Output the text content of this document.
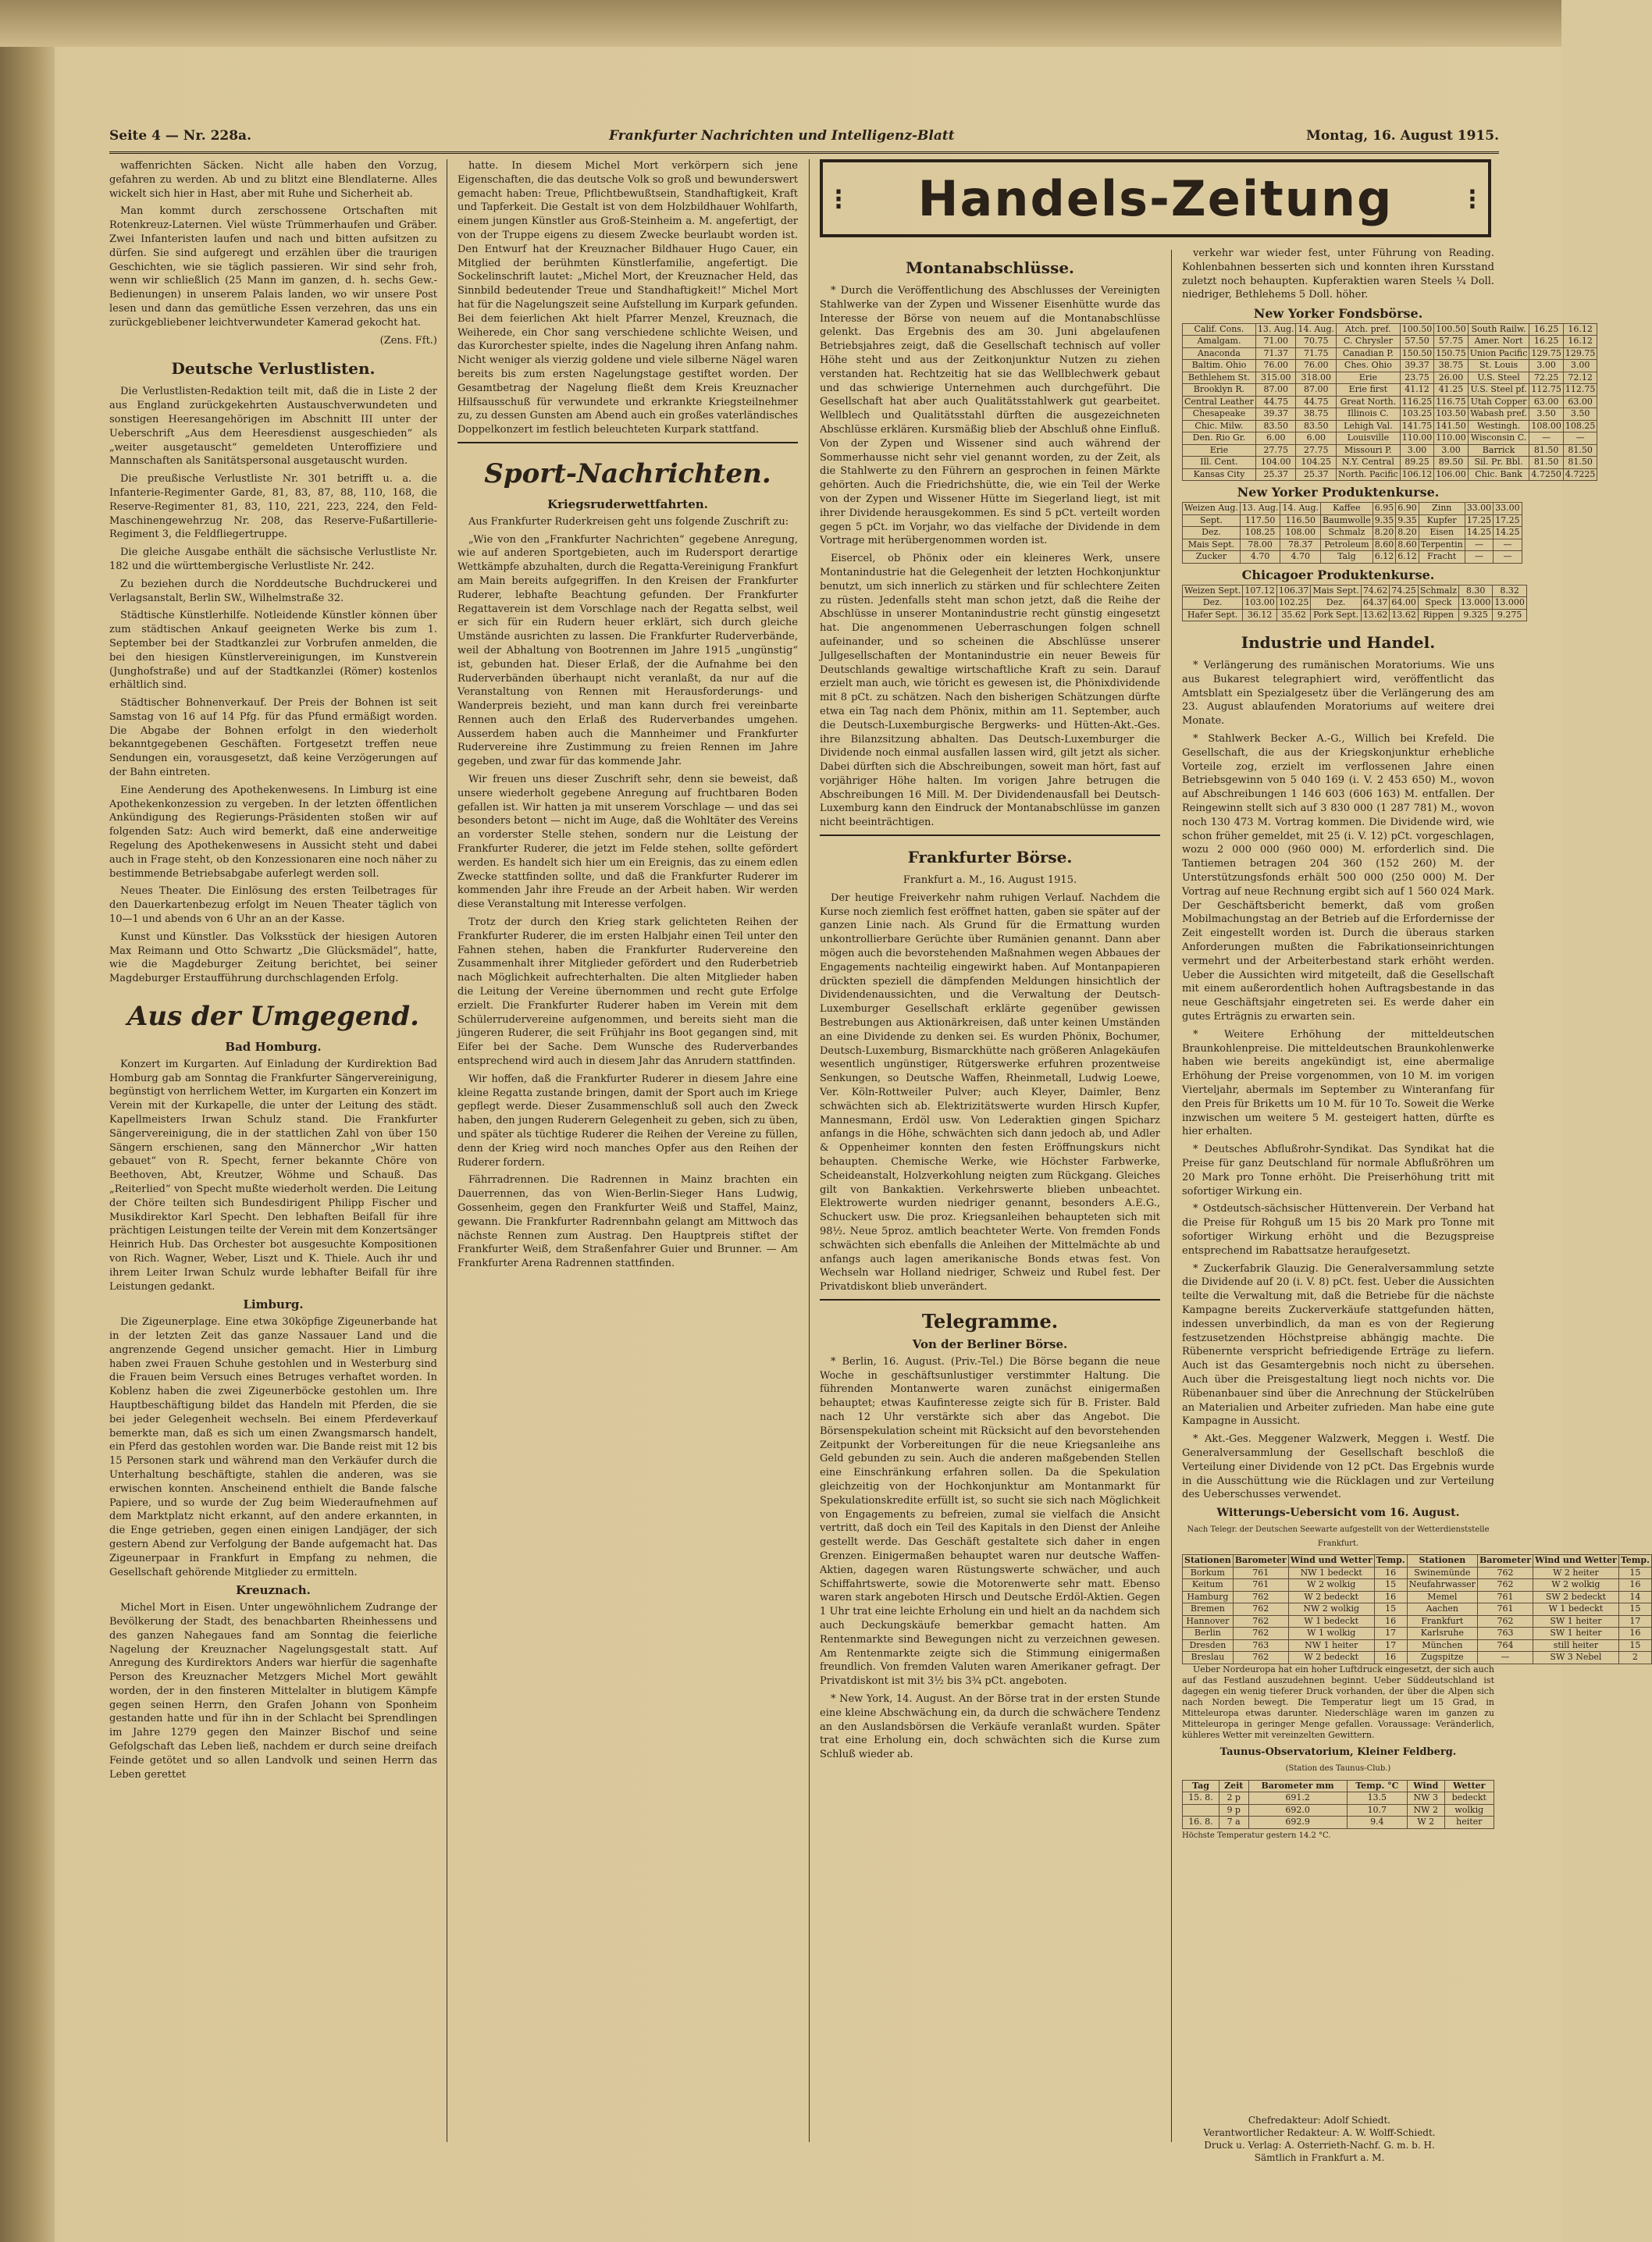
Seite 4 — Nr. 228a.	Frankfurter Nachrichten und Intelligenz-Blatt	Montag, 16. August 1915.

waffenrichten Säcken. Nicht alle haben den Vorzug, gefahren zu werden. Ab und zu blitzt eine Blendlaterne. Alles wickelt sich hier in Hast, aber mit Ruhe und Sicherheit ab.

Man kommt durch zerschossene Ortschaften mit Rotenkreuz-Laternen. Viel wüste Trümmerhaufen und Gräber. Zwei Infanteristen laufen und nach und bitten aufsitzen zu dürfen. Sie sind aufgeregt und erzählen über die traurigen Geschichten, wie sie täglich passieren. Wir sind sehr froh, wenn wir schließlich (25 Mann im ganzen, d. h. sechs Gew.-Bedienungen) in unserem Palais landen, wo wir unsere Post lesen und dann das gemütliche Essen verzehren, das uns ein zurückgebliebener leichtverwundeter Kamerad gekocht hat.

(Zens. Fft.)

Deutsche Verlustlisten.

Die Verlustlisten-Redaktion teilt mit, daß die in Liste 2 der aus England zurückgekehrten Austauschverwundeten und sonstigen Heeresangehörigen im Abschnitt III unter der Ueberschrift „Aus dem Heeresdienst ausgeschieden“ als „weiter ausgetauscht“ gemeldeten Unteroffiziere und Mannschaften als Sanitätspersonal ausgetauscht wurden.

Die preußische Verlustliste Nr. 301 betrifft u. a. die Infanterie-Regimenter Garde, 81, 83, 87, 88, 110, 168, die Reserve-Regimenter 81, 83, 110, 221, 223, 224, den Feld-Maschinengewehrzug Nr. 208, das Reserve-Fußartillerie-Regiment 3, die Feldfliegertruppe.

Die gleiche Ausgabe enthält die sächsische Verlustliste Nr. 182 und die württembergische Verlustliste Nr. 242.

Zu beziehen durch die Norddeutsche Buchdruckerei und Verlagsanstalt, Berlin SW., Wilhelmstraße 32.

Städtische Künstlerhilfe. Notleidende Künstler können über zum städtischen Ankauf geeigneten Werke bis zum 1. September bei der Stadtkanzlei zur Vorbrufen anmelden, die bei den hiesigen Künstlervereinigungen, im Kunstverein (Junghofstraße) und auf der Stadtkanzlei (Römer) kostenlos erhältlich sind.

Städtischer Bohnenverkauf. Der Preis der Bohnen ist seit Samstag von 16 auf 14 Pfg. für das Pfund ermäßigt worden. Die Abgabe der Bohnen erfolgt in den wiederholt bekanntgegebenen Geschäften. Fortgesetzt treffen neue Sendungen ein, vorausgesetzt, daß keine Verzögerungen auf der Bahn eintreten.

Eine Aenderung des Apothekenwesens. In Limburg ist eine Apothekenkonzession zu vergeben. In der letzten öffentlichen Ankündigung des Regierungs-Präsidenten stoßen wir auf folgenden Satz: Auch wird bemerkt, daß eine anderweitige Regelung des Apothekenwesens in Aussicht steht und dabei auch in Frage steht, ob den Konzessionaren eine noch näher zu bestimmende Betriebsabgabe auferlegt werden soll.

Neues Theater. Die Einlösung des ersten Teilbetrages für den Dauerkartenbezug erfolgt im Neuen Theater täglich von 10—1 und abends von 6 Uhr an an der Kasse.

Kunst und Künstler. Das Volksstück der hiesigen Autoren Max Reimann und Otto Schwartz „Die Glücksmädel“, hatte, wie die Magdeburger Zeitung berichtet, bei seiner Magdeburger Erstaufführung durchschlagenden Erfolg.

Aus der Umgegend.
Bad Homburg.

Konzert im Kurgarten. Auf Einladung der Kurdirektion Bad Homburg gab am Sonntag die Frankfurter Sängervereinigung, begünstigt von herrlichem Wetter, im Kurgarten ein Konzert im Verein mit der Kurkapelle, die unter der Leitung des städt. Kapellmeisters Irwan Schulz stand. Die Frankfurter Sängervereinigung, die in der stattlichen Zahl von über 150 Sängern erschienen, sang den Männerchor „Wir hatten gebauet“ von R. Specht, ferner bekannte Chöre von Beethoven, Abt, Kreutzer, Wöhme und Schauß. Das „Reiterlied“ von Specht mußte wiederholt werden. Die Leitung der Chöre teilten sich Bundesdirigent Philipp Fischer und Musikdirektor Karl Specht. Den lebhaften Beifall für ihre prächtigen Leistungen teilte der Verein mit dem Konzertsänger Heinrich Hub. Das Orchester bot ausgesuchte Kompositionen von Rich. Wagner, Weber, Liszt und K. Thiele. Auch ihr und ihrem Leiter Irwan Schulz wurde lebhafter Beifall für ihre Leistungen gedankt.

Limburg.

Die Zigeunerplage. Eine etwa 30köpfige Zigeunerbande hat in der letzten Zeit das ganze Nassauer Land und die angrenzende Gegend unsicher gemacht. Hier in Limburg haben zwei Frauen Schuhe gestohlen und in Westerburg sind die Frauen beim Versuch eines Betruges verhaftet worden. In Koblenz haben die zwei Zigeunerböcke gestohlen um. Ihre Hauptbeschäftigung bildet das Handeln mit Pferden, die sie bei jeder Gelegenheit wechseln. Bei einem Pferdeverkauf bemerkte man, daß es sich um einen Zwangsmarsch handelt, ein Pferd das gestohlen worden war. Die Bande reist mit 12 bis 15 Personen stark und während man den Verkäufer durch die Unterhaltung beschäftigte, stahlen die anderen, was sie erwischen konnten. Anscheinend enthielt die Bande falsche Papiere, und so wurde der Zug beim Wiederaufnehmen auf dem Marktplatz nicht erkannt, auf den andere erkannten, in die Enge getrieben, gegen einen einigen Landjäger, der sich gestern Abend zur Verfolgung der Bande aufgemacht hat. Das Zigeunerpaar in Frankfurt in Empfang zu nehmen, die Gesellschaft gehörende Mitglieder zu ermitteln.

Kreuznach.

Michel Mort in Eisen. Unter ungewöhnlichem Zudrange der Bevölkerung der Stadt, des benachbarten Rheinhessens und des ganzen Nahegaues fand am Sonntag die feierliche Nagelung der Kreuznacher Nagelungsgestalt statt. Auf Anregung des Kurdirektors Anders war hierfür die sagenhafte Person des Kreuznacher Metzgers Michel Mort gewählt worden, der in den finsteren Mittelalter in blutigem Kämpfe gegen seinen Herrn, den Grafen Johann von Sponheim gestanden hatte und für ihn in der Schlacht bei Sprendlingen im Jahre 1279 gegen den Mainzer Bischof und seine Gefolgschaft das Leben ließ, nachdem er durch seine dreifach Feinde getötet und so allen Landvolk und seinen Herrn das Leben gerettet

hatte. In diesem Michel Mort verkörpern sich jene Eigenschaften, die das deutsche Volk so groß und bewunderswert gemacht haben: Treue, Pflichtbewußtsein, Standhaftigkeit, Kraft und Tapferkeit. Die Gestalt ist von dem Holzbildhauer Wohlfarth, einem jungen Künstler aus Groß-Steinheim a. M. angefertigt, der von der Truppe eigens zu diesem Zwecke beurlaubt worden ist. Den Entwurf hat der Kreuznacher Bildhauer Hugo Cauer, ein Mitglied der berühmten Künstlerfamilie, angefertigt. Die Sockelinschrift lautet: „Michel Mort, der Kreuznacher Held, das Sinnbild bedeutender Treue und Standhaftigkeit!“ Michel Mort hat für die Nagelungszeit seine Aufstellung im Kurpark gefunden. Bei dem feierlichen Akt hielt Pfarrer Menzel, Kreuznach, die Weiherede, ein Chor sang verschiedene schlichte Weisen, und das Kurorchester spielte, indes die Nagelung ihren Anfang nahm. Nicht weniger als vierzig goldene und viele silberne Nägel waren bereits bis zum ersten Nagelungstage gestiftet worden. Der Gesamtbetrag der Nagelung fließt dem Kreis Kreuznacher Hilfsausschuß für verwundete und erkrankte Kriegsteilnehmer zu, zu dessen Gunsten am Abend auch ein großes vaterländisches Doppelkonzert im festlich beleuchteten Kurpark stattfand.

Sport-Nachrichten.
Kriegsruderwettfahrten.

Aus Frankfurter Ruderkreisen geht uns folgende Zuschrift zu:

„Wie von den „Frankfurter Nachrichten“ gegebene Anregung, wie auf anderen Sportgebieten, auch im Rudersport derartige Wettkämpfe abzuhalten, durch die Regatta-Vereinigung Frankfurt am Main bereits aufgegriffen. In den Kreisen der Frankfurter Ruderer, lebhafte Beachtung gefunden. Der Frankfurter Regattaverein ist dem Vorschlage nach der Regatta selbst, weil er sich für ein Rudern heuer erklärt, sich durch gleiche Umstände ausrichten zu lassen. Die Frankfurter Ruderverbände, weil der Abhaltung von Bootrennen im Jahre 1915 „ungünstig“ ist, gebunden hat. Dieser Erlaß, der die Aufnahme bei den Ruderverbänden überhaupt nicht veranlaßt, da nur auf die Veranstaltung von Rennen mit Herausforderungs- und Wanderpreis bezieht, und man kann durch frei vereinbarte Rennen auch den Erlaß des Ruderverbandes umgehen. Ausserdem haben auch die Mannheimer und Frankfurter Rudervereine ihre Zustimmung zu freien Rennen im Jahre gegeben, und zwar für das kommende Jahr.

Wir freuen uns dieser Zuschrift sehr, denn sie beweist, daß unsere wiederholt gegebene Anregung auf fruchtbaren Boden gefallen ist. Wir hatten ja mit unserem Vorschlage — und das sei besonders betont — nicht im Auge, daß die Wohltäter des Vereins an vorderster Stelle stehen, sondern nur die Leistung der Frankfurter Ruderer, die jetzt im Felde stehen, sollte gefördert werden. Es handelt sich hier um ein Ereignis, das zu einem edlen Zwecke stattfinden sollte, und daß die Frankfurter Ruderer im kommenden Jahr ihre Freude an der Arbeit haben. Wir werden diese Veranstaltung mit Interesse verfolgen.

Trotz der durch den Krieg stark gelichteten Reihen der Frankfurter Ruderer, die im ersten Halbjahr einen Teil unter den Fahnen stehen, haben die Frankfurter Rudervereine den Zusammenhalt ihrer Mitglieder gefördert und den Ruderbetrieb nach Möglichkeit aufrechterhalten. Die alten Mitglieder haben die Leitung der Vereine übernommen und recht gute Erfolge erzielt. Die Frankfurter Ruderer haben im Verein mit dem Schülerrudervereine aufgenommen, und bereits sieht man die jüngeren Ruderer, die seit Frühjahr ins Boot gegangen sind, mit Eifer bei der Sache. Dem Wunsche des Ruderverbandes entsprechend wird auch in diesem Jahr das Anrudern stattfinden.

Wir hoffen, daß die Frankfurter Ruderer in diesem Jahre eine kleine Regatta zustande bringen, damit der Sport auch im Kriege gepflegt werde. Dieser Zusammenschluß soll auch den Zweck haben, den jungen Ruderern Gelegenheit zu geben, sich zu üben, und später als tüchtige Ruderer die Reihen der Vereine zu füllen, denn der Krieg wird noch manches Opfer aus den Reihen der Ruderer fordern.

Fährradrennen. Die Radrennen in Mainz brachten ein Dauerrennen, das von Wien-Berlin-Sieger Hans Ludwig, Gossenheim, gegen den Frankfurter Weiß und Staffel, Mainz, gewann. Die Frankfurter Radrennbahn gelangt am Mittwoch das nächste Rennen zum Austrag. Den Hauptpreis stiftet der Frankfurter Weiß, dem Straßenfahrer Guier und Brunner. — Am Frankfurter Arena Radrennen stattfinden.

⁝ Handels-Zeitung	⁝
Montanabschlüsse.

* Durch die Veröffentlichung des Abschlusses der Vereinigten Stahlwerke van der Zypen und Wissener Eisenhütte wurde das Interesse der Börse von neuem auf die Montanabschlüsse gelenkt. Das Ergebnis des am 30. Juni abgelaufenen Betriebsjahres zeigt, daß die Gesellschaft technisch auf voller Höhe steht und aus der Zeitkonjunktur Nutzen zu ziehen verstanden hat. Rechtzeitig hat sie das Wellblechwerk gebaut und das schwierige Unternehmen auch durchgeführt. Die Gesellschaft hat aber auch Qualitätsstahlwerk gut gearbeitet. Wellblech und Qualitätsstahl dürften die ausgezeichneten Abschlüsse erklären. Kursmäßig blieb der Abschluß ohne Einfluß. Von der Zypen und Wissener sind auch während der Sommerhausse nicht sehr viel genannt worden, zu der Zeit, als die Stahlwerte zu den Führern an gesprochen in feinen Märkte gehörten. Auch die Friedrichshütte, die, wie ein Teil der Werke von der Zypen und Wissener Hütte im Siegerland liegt, ist mit ihrer Dividende herausgekommen. Es sind 5 pCt. verteilt worden gegen 5 pCt. im Vorjahr, wo das vielfache der Dividende in dem Vortrage mit herübergenommen worden ist.

Eisercel, ob Phönix oder ein kleineres Werk, unsere Montanindustrie hat die Gelegenheit der letzten Hochkonjunktur benutzt, um sich innerlich zu stärken und für schlechtere Zeiten zu rüsten. Jedenfalls steht man schon jetzt, daß die Reihe der Abschlüsse in unserer Montanindustrie recht günstig eingesetzt hat. Die angenommenen Ueberraschungen folgen schnell aufeinander, und so scheinen die Abschlüsse unserer Jullgesellschaften der Montanindustrie ein neuer Beweis für Deutschlands gewaltige wirtschaftliche Kraft zu sein. Darauf erzielt man auch, wie töricht es gewesen ist, die Phönixdividende mit 8 pCt. zu schätzen. Nach den bisherigen Schätzungen dürfte etwa ein Tag nach dem Phönix, mithin am 11. September, auch die Deutsch-Luxemburgische Bergwerks- und Hütten-Akt.-Ges. ihre Bilanzsitzung abhalten. Das Deutsch-Luxemburger die Dividende noch einmal ausfallen lassen wird, gilt jetzt als sicher. Dabei dürften sich die Abschreibungen, soweit man hört, fast auf vorjähriger Höhe halten. Im vorigen Jahre betrugen die Abschreibungen 16 Mill. M. Der Dividendenausfall bei Deutsch-Luxemburg kann den Eindruck der Montanabschlüsse im ganzen nicht beeinträchtigen.

Frankfurter Börse.

Frankfurt a. M., 16. August 1915.

Der heutige Freiverkehr nahm ruhigen Verlauf. Nachdem die Kurse noch ziemlich fest eröffnet hatten, gaben sie später auf der ganzen Linie nach. Als Grund für die Ermattung wurden unkontrollierbare Gerüchte über Rumänien genannt. Dann aber mögen auch die bevorstehenden Maßnahmen wegen Abbaues der Engagements nachteilig eingewirkt haben. Auf Montanpapieren drückten speziell die dämpfenden Meldungen hinsichtlich der Dividendenaussichten, und die Verwaltung der Deutsch-Luxemburger Gesellschaft erklärte gegenüber gewissen Bestrebungen aus Aktionärkreisen, daß unter keinen Umständen an eine Dividende zu denken sei. Es wurden Phönix, Bochumer, Deutsch-Luxemburg, Bismarckhütte nach größeren Anlagekäufen wesentlich ungünstiger, Rütgerswerke erfuhren prozentweise Senkungen, so Deutsche Waffen, Rheinmetall, Ludwig Loewe, Ver. Köln-Rottweiler Pulver; auch Kleyer, Daimler, Benz schwächten sich ab. Elektrizitätswerte wurden Hirsch Kupfer, Mannesmann, Erdöl usw. Von Lederaktien gingen Spicharz anfangs in die Höhe, schwächten sich dann jedoch ab, und Adler & Oppenheimer konnten den festen Eröffnungskurs nicht behaupten. Chemische Werke, wie Höchster Farbwerke, Scheideanstalt, Holzverkohlung neigten zum Rückgang. Gleiches gilt von Bankaktien. Verkehrswerte blieben unbeachtet. Elektrowerte wurden niedriger genannt, besonders A.E.G., Schuckert usw. Die proz. Kriegsanleihen behaupteten sich mit 98½. Neue 5proz. amtlich beachteter Werte. Von fremden Fonds schwächten sich ebenfalls die Anleihen der Mittelmächte ab und anfangs auch lagen amerikanische Bonds etwas fest. Von Wechseln war Holland niedriger, Schweiz und Rubel fest. Der Privatdiskont blieb unverändert.

Telegramme.
Von der Berliner Börse.

* Berlin, 16. August. (Priv.-Tel.) Die Börse begann die neue Woche in geschäftsunlustiger verstimmter Haltung. Die führenden Montanwerte waren zunächst einigermaßen behauptet; etwas Kaufinteresse zeigte sich für B. Frister. Bald nach 12 Uhr verstärkte sich aber das Angebot. Die Börsenspekulation scheint mit Rücksicht auf den bevorstehenden Zeitpunkt der Vorbereitungen für die neue Kriegsanleihe ans Geld gebunden zu sein. Auch die anderen maßgebenden Stellen eine Einschränkung erfahren sollen. Da die Spekulation gleichzeitig von der Hochkonjunktur am Montanmarkt für Spekulationskredite erfüllt ist, so sucht sie sich nach Möglichkeit von Engagements zu befreien, zumal sie vielfach die Ansicht vertritt, daß doch ein Teil des Kapitals in den Dienst der Anleihe gestellt werde. Das Geschäft gestaltete sich daher in engen Grenzen. Einigermaßen behauptet waren nur deutsche Waffen-Aktien, dagegen waren Rüstungswerte schwächer, und auch Schiffahrtswerte, sowie die Motorenwerte sehr matt. Ebenso waren stark angeboten Hirsch und Deutsche Erdöl-Aktien. Gegen 1 Uhr trat eine leichte Erholung ein und hielt an da nachdem sich auch Deckungskäufe bemerkbar gemacht hatten. Am Rentenmarkte sind Bewegungen nicht zu verzeichnen gewesen. Am Rentenmarkte zeigte sich die Stimmung einigermaßen freundlich. Von fremden Valuten waren Amerikaner gefragt. Der Privatdiskont ist mit 3½ bis 3¾ pCt. angeboten.

* New York, 14. August. An der Börse trat in der ersten Stunde eine kleine Abschwächung ein, da durch die schwächere Tendenz an den Auslandsbörsen die Verkäufe veranlaßt wurden. Später trat eine Erholung ein, doch schwächten sich die Kurse zum Schluß wieder ab.

verkehr war wieder fest, unter Führung von Reading. Kohlenbahnen besserten sich und konnten ihren Kursstand zuletzt noch behaupten. Kupferaktien waren Steels ¼ Doll. niedriger, Bethlehems 5 Doll. höher.

New Yorker Fondsbörse.
Calif. Cons.	13. Aug.	14. Aug.	Atch. pref.	100.50	100.50	South Railw.	16.25	16.12
Amalgam.	71.00	70.75	C. Chrysler	57.50	57.75	Amer. Nort	16.25	16.12
Anaconda	71.37	71.75	Canadian P.	150.50	150.75	Union Pacific	129.75	129.75
Baltim. Ohio	76.00	76.00	Ches. Ohio	39.37	38.75	St. Louis	3.00	3.00
Bethlehem St.	315.00	318.00	Erie	23.75	26.00	U.S. Steel	72.25	72.12
Brooklyn R.	87.00	87.00	Erie first	41.12	41.25	U.S. Steel pf.	112.75	112.75
Central Leather	44.75	44.75	Great North.	116.25	116.75	Utah Copper	63.00	63.00
Chesapeake	39.37	38.75	Illinois C.	103.25	103.50	Wabash pref.	3.50	3.50
Chic. Milw.	83.50	83.50	Lehigh Val.	141.75	141.50	Westingh.	108.00	108.25
Den. Rio Gr.	6.00	6.00	Louisville	110.00	110.00	Wisconsin C.	—	—
Erie	27.75	27.75	Missouri P.	3.00	3.00	Barrick	81.50	81.50
Ill. Cent.	104.00	104.25	N.Y. Central	89.25	89.50	Sil. Pr. Bbl.	81.50	81.50
Kansas City	25.37	25.37	North. Pacific	106.12	106.00	Chic. Bank	4.7250	4.7225
New Yorker Produktenkurse.
Weizen Aug.	13. Aug.	14. Aug.	Kaffee	6.95	6.90	Zinn	33.00	33.00
Sept.	117.50	116.50	Baumwolle	9.35	9.35	Kupfer	17.25	17.25
Dez.	108.25	108.00	Schmalz	8.20	8.20	Eisen	14.25	14.25
Mais Sept.	78.00	78.37	Petroleum	8.60	8.60	Terpentin	—	—
Zucker	4.70	4.70	Talg	6.12	6.12	Fracht	—	—
Chicagoer Produktenkurse.
Weizen Sept.	107.12	106.37	Mais Sept.	74.62	74.25	Schmalz	8.30	8.32
Dez.	103.00	102.25	Dez.	64.37	64.00	Speck	13.000	13.000
Hafer Sept.	36.12	35.62	Pork Sept.	13.62	13.62	Rippen	9.325	9.275
Industrie und Handel.

* Verlängerung des rumänischen Moratoriums. Wie uns aus Bukarest telegraphiert wird, veröffentlicht das Amtsblatt ein Spezialgesetz über die Verlängerung des am 23. August ablaufenden Moratoriums auf weitere drei Monate.

* Stahlwerk Becker A.-G., Willich bei Krefeld. Die Gesellschaft, die aus der Kriegskonjunktur erhebliche Vorteile zog, erzielt im verflossenen Jahre einen Betriebsgewinn von 5 040 169 (i. V. 2 453 650) M., wovon auf Abschreibungen 1 146 603 (606 163) M. entfallen. Der Reingewinn stellt sich auf 3 830 000 (1 287 781) M., wovon noch 130 473 M. Vortrag kommen. Die Dividende wird, wie schon früher gemeldet, mit 25 (i. V. 12) pCt. vorgeschlagen, wozu 2 000 000 (960 000) M. erforderlich sind. Die Tantiemen betragen 204 360 (152 260) M. der Unterstützungsfonds erhält 500 000 (250 000) M. Der Vortrag auf neue Rechnung ergibt sich auf 1 560 024 Mark. Der Geschäftsbericht bemerkt, daß vom großen Mobilmachungstag an der Betrieb auf die Erfordernisse der Zeit eingestellt worden ist. Durch die überaus starken Anforderungen mußten die Fabrikationseinrichtungen vermehrt und der Arbeiterbestand stark erhöht werden. Ueber die Aussichten wird mitgeteilt, daß die Gesellschaft mit einem außerordentlich hohen Auftragsbestande in das neue Geschäftsjahr eingetreten sei. Es werde daher ein gutes Erträgnis zu erwarten sein.

* Weitere Erhöhung der mitteldeutschen Braunkohlenpreise. Die mitteldeutschen Braunkohlenwerke haben wie bereits angekündigt ist, eine abermalige Erhöhung der Preise vorgenommen, von 10 M. im vorigen Vierteljahr, abermals im September zu Winteranfang für den Preis für Briketts um 10 M. für 10 To. Soweit die Werke inzwischen um weitere 5 M. gesteigert hatten, dürfte es hier erhalten.

* Deutsches Abflußrohr-Syndikat. Das Syndikat hat die Preise für ganz Deutschland für normale Abflußröhren um 20 Mark pro Tonne erhöht. Die Preiserhöhung tritt mit sofortiger Wirkung ein.

* Ostdeutsch-sächsischer Hüttenverein. Der Verband hat die Preise für Rohguß um 15 bis 20 Mark pro Tonne mit sofortiger Wirkung erhöht und die Bezugspreise entsprechend im Rabattsatze heraufgesetzt.

* Zuckerfabrik Glauzig. Die Generalversammlung setzte die Dividende auf 20 (i. V. 8) pCt. fest. Ueber die Aussichten teilte die Verwaltung mit, daß die Betriebe für die nächste Kampagne bereits Zuckerverkäufe stattgefunden hätten, indessen unverbindlich, da man es von der Regierung festzusetzenden Höchstpreise abhängig machte. Die Rübenernte verspricht befriedigende Erträge zu liefern. Auch ist das Gesamtergebnis noch nicht zu übersehen. Auch über die Preisgestaltung liegt noch nichts vor. Die Rübenanbauer sind über die Anrechnung der Stückelrüben an Materialien und Arbeiter zufrieden. Man habe eine gute Kampagne in Aussicht.

* Akt.-Ges. Meggener Walzwerk, Meggen i. Westf. Die Generalversammlung der Gesellschaft beschloß die Verteilung einer Dividende von 12 pCt. Das Ergebnis wurde in die Ausschüttung wie die Rücklagen und zur Verteilung des Ueberschusses verwendet.

Witterungs-Uebersicht vom 16. August.

Nach Telegr. der Deutschen Seewarte aufgestellt von der Wetterdienststelle Frankfurt.

Stationen	Barometer	Wind und Wetter	Temp.	Stationen	Barometer	Wind und Wetter	Temp.
Borkum	761	NW 1 bedeckt	16	Swinemünde	762	W 2 heiter	15
Keitum	761	W 2 wolkig	15	Neufahrwasser	762	W 2 wolkig	16
Hamburg	762	W 2 bedeckt	16	Memel	761	SW 2 bedeckt	14
Bremen	762	NW 2 wolkig	15	Aachen	761	W 1 bedeckt	15
Hannover	762	W 1 bedeckt	16	Frankfurt	762	SW 1 heiter	17
Berlin	762	W 1 wolkig	17	Karlsruhe	763	SW 1 heiter	16
Dresden	763	NW 1 heiter	17	München	764	still heiter	15
Breslau	762	W 2 bedeckt	16	Zugspitze	—	SW 3 Nebel	2

Ueber Nordeuropa hat ein hoher Luftdruck eingesetzt, der sich auch auf das Festland auszudehnen beginnt. Ueber Süddeutschland ist dagegen ein wenig tieferer Druck vorhanden, der über die Alpen sich nach Norden bewegt. Die Temperatur liegt um 15 Grad, in Mitteleuropa etwas darunter. Niederschläge waren im ganzen zu Mitteleuropa in geringer Menge gefallen. Voraussage: Veränderlich, kühleres Wetter mit vereinzelten Gewittern.

Taunus-Observatorium, Kleiner Feldberg.

(Station des Taunus-Club.)

Tag	Zeit	Barometer mm	Temp. °C	Wind	Wetter
15. 8.	2 p	691.2	13.5	NW 3	bedeckt
	9 p	692.0	10.7	NW 2	wolkig
16. 8.	7 a	692.9	9.4	W 2	heiter

Höchste Temperatur gestern 14.2 °C.

Chefredakteur: Adolf Schiedt.
Verantwortlicher Redakteur: A. W. Wolff-Schiedt.
Druck u. Verlag: A. Osterrieth-Nachf. G. m. b. H.
Sämtlich in Frankfurt a. M.
